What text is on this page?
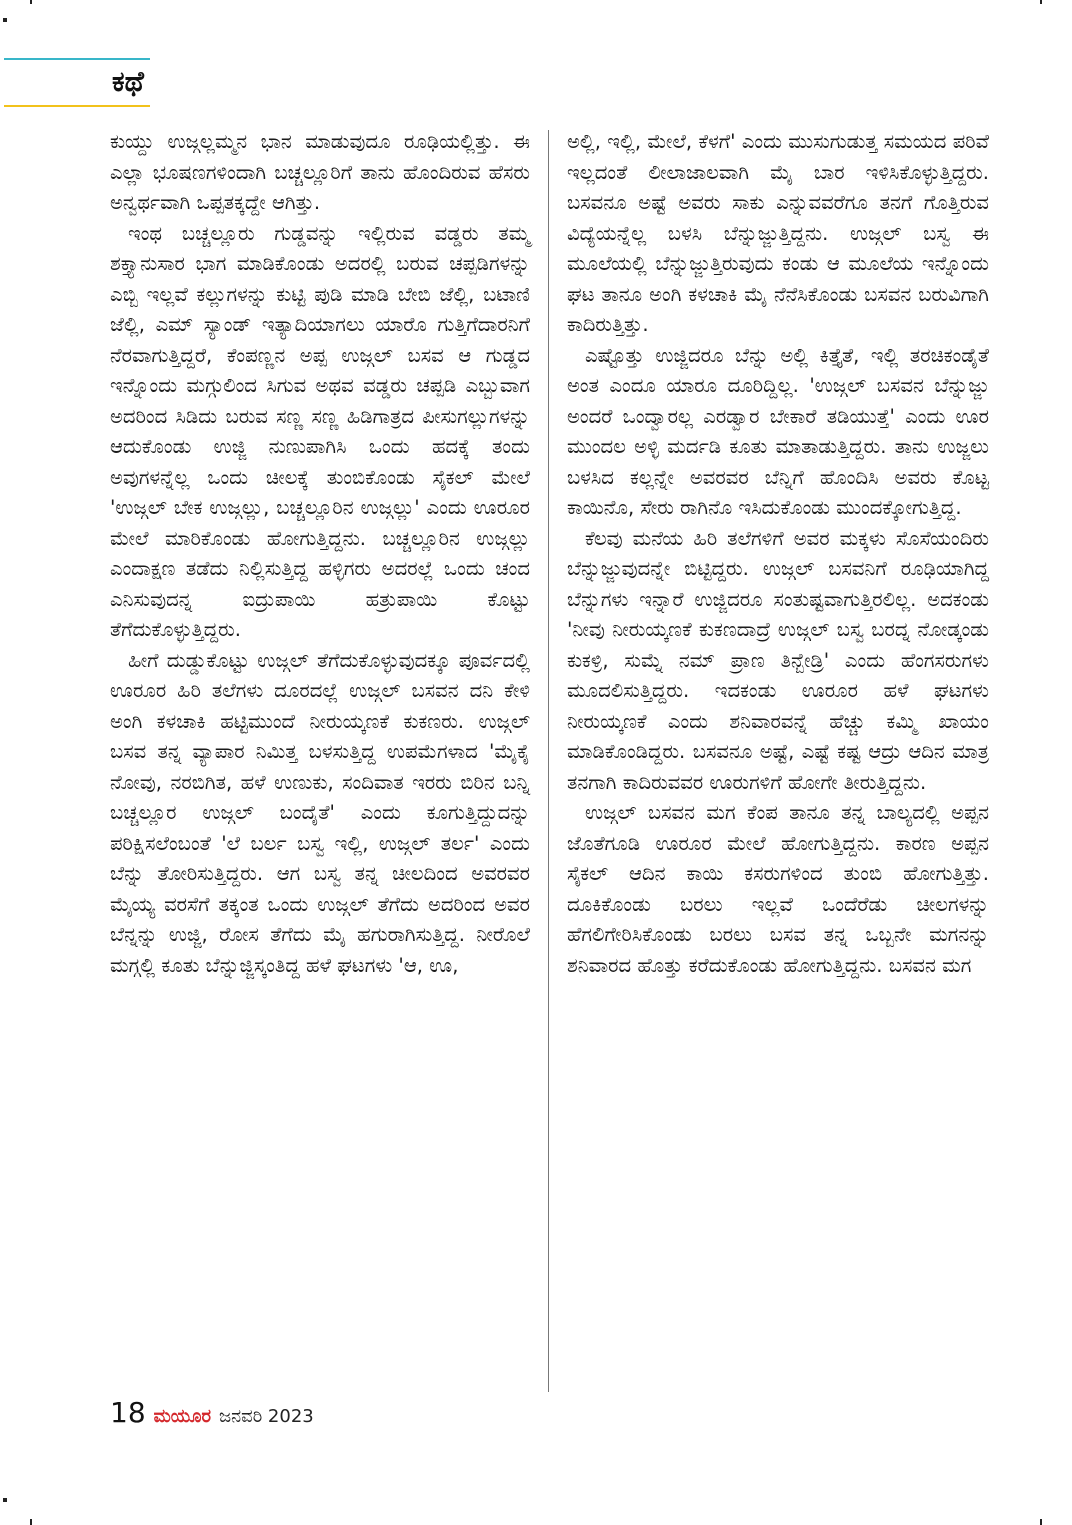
ಕಥೆ

ಕುಯ್ದು ಉಜ್ಗಲ್ಲಮ್ಮನ ಭಾನ ಮಾಡುವುದೂ ರೂಢಿಯಲ್ಲಿತ್ತು. ಈ ಎಲ್ಲಾ ಭೂಷಣಗಳಿಂದಾಗಿ ಬಚ್ಚಲ್ಲೂರಿಗೆ ತಾನು ಹೊಂದಿರುವ ಹೆಸರು ಅನ್ವರ್ಥವಾಗಿ ಒಪ್ಪತಕ್ಕದ್ದೇ ಆಗಿತ್ತು.

ಇಂಥ ಬಚ್ಚಲ್ಲೂರು ಗುಡ್ಡವನ್ನು ಇಲ್ಲಿರುವ ವಡ್ಡರು ತಮ್ಮ ಶಕ್ತ್ಯಾನುಸಾರ ಭಾಗ ಮಾಡಿಕೊಂಡು ಅದರಲ್ಲಿ ಬರುವ ಚಪ್ಪಡಿಗಳನ್ನು ಎಬ್ಬಿ ಇಲ್ಲವೆ ಕಲ್ಲುಗಳನ್ನು ಕುಟ್ಟಿ ಪುಡಿ ಮಾಡಿ ಬೇಬಿ ಜೆಲ್ಲಿ, ಬಟಾಣಿ ಜೆಲ್ಲಿ, ಎಮ್ ಸ್ಯಾಂಡ್ ಇತ್ಯಾದಿಯಾಗಲು ಯಾರೊ ಗುತ್ತಿಗೆದಾರನಿಗೆ ನೆರವಾಗುತ್ತಿದ್ದರೆ, ಕೆಂಪಣ್ಣನ ಅಪ್ಪ ಉಜ್ಗಲ್ ಬಸವ ಆ ಗುಡ್ಡದ ಇನ್ನೊಂದು ಮಗ್ಗುಲಿಂದ ಸಿಗುವ ಅಥವ ವಡ್ಡರು ಚಪ್ಪಡಿ ಎಬ್ಬುವಾಗ ಅದರಿಂದ ಸಿಡಿದು ಬರುವ ಸಣ್ಣ ಸಣ್ಣ ಹಿಡಿಗಾತ್ರದ ಪೀಸುಗಲ್ಲುಗಳನ್ನು ಆದುಕೊಂಡು ಉಜ್ಜಿ ನುಣುಪಾಗಿಸಿ ಒಂದು ಹದಕ್ಕೆ ತಂದು ಅವುಗಳನ್ನೆಲ್ಲ ಒಂದು ಚೀಲಕ್ಕೆ ತುಂಬಿಕೊಂಡು ಸೈಕಲ್ ಮೇಲೆ 'ಉಜ್ಗಲ್ ಬೇಕ ಉಜ್ಗಲ್ಲು, ಬಚ್ಚಲ್ಲೂರಿನ ಉಜ್ಗಲ್ಲು' ಎಂದು ಊರೂರ ಮೇಲೆ ಮಾರಿಕೊಂಡು ಹೋಗುತ್ತಿದ್ದನು. ಬಚ್ಚಲ್ಲೂರಿನ ಉಜ್ಗಲ್ಲು ಎಂದಾಕ್ಷಣ ತಡೆದು ನಿಲ್ಲಿಸುತ್ತಿದ್ದ ಹಳ್ಳಿಗರು ಅದರಲ್ಲೆ ಒಂದು ಚಂದ ಎನಿಸುವುದನ್ನ ಐದ್ರುಪಾಯಿ ಹತ್ರುಪಾಯಿ ಕೊಟ್ಟು ತೆಗೆದುಕೊಳ್ಳುತ್ತಿದ್ದರು.

ಹೀಗೆ ದುಡ್ಡುಕೊಟ್ಟು ಉಜ್ಗಲ್ ತೆಗೆದುಕೊಳ್ಳುವುದಕ್ಕೂ ಪೂರ್ವದಲ್ಲಿ ಊರೂರ ಹಿರಿ ತಲೆಗಳು ದೂರದಲ್ಲೆ ಉಜ್ಗಲ್ ಬಸವನ ದನಿ ಕೇಳಿ ಅಂಗಿ ಕಳಚಾಕಿ ಹಟ್ಟಿಮುಂದೆ ನೀರುಯ್ಕಣಕೆ ಕುಕಣರು. ಉಜ್ಗಲ್ ಬಸವ ತನ್ನ ವ್ಯಾಪಾರ ನಿಮಿತ್ತ ಬಳಸುತ್ತಿದ್ದ ಉಪಮೆಗಳಾದ 'ಮೈಕೈ ನೋವು, ನರಬಿಗಿತ, ಹಳೆ ಉಣುಕು, ಸಂದಿವಾತ ಇರರು ಬಿರಿನ ಬನ್ನಿ ಬಚ್ಚಲ್ಲೂರ ಉಜ್ಗಲ್ ಬಂದೈತೆ' ಎಂದು ಕೂಗುತ್ತಿದ್ದುದನ್ನು ಪರಿಕ್ಷಿಸಲೆಂಬಂತೆ 'ಲೆ ಬರ್ಲ ಬಸ್ವ ಇಲ್ಲಿ, ಉಜ್ಗಲ್ ತರ್ಲ' ಎಂದು ಬೆನ್ನು ತೋರಿಸುತ್ತಿದ್ದರು. ಆಗ ಬಸ್ವ ತನ್ನ ಚೀಲದಿಂದ ಅವರವರ ಮೈಯ್ಯ ವರಸೆಗೆ ತಕ್ಕಂತ ಒಂದು ಉಜ್ಗಲ್ ತೆಗೆದು ಅದರಿಂದ ಅವರ ಬೆನ್ನನ್ನು ಉಜ್ಜಿ, ರೋಸ ತೆಗೆದು ಮೈ ಹಗುರಾಗಿಸುತ್ತಿದ್ದ. ನೀರೊಲೆ ಮಗ್ಗಲ್ಲಿ ಕೂತು ಬೆನ್ನುಜ್ಜಿಸ್ಕಂತಿದ್ದ ಹಳೆ ಘಟಗಳು 'ಆ, ಊ,

ಅಲ್ಲಿ, ಇಲ್ಲಿ, ಮೇಲೆ, ಕೆಳಗೆ' ಎಂದು ಮುಸುಗುಡುತ್ತ ಸಮಯದ ಪರಿವೆ ಇಲ್ಲದಂತೆ ಲೀಲಾಜಾಲವಾಗಿ ಮೈ ಬಾರ ಇಳಿಸಿಕೊಳ್ಳುತ್ತಿದ್ದರು. ಬಸವನೂ ಅಷ್ಟೆ ಅವರು ಸಾಕು ಎನ್ನುವವರೆಗೂ ತನಗೆ ಗೊತ್ತಿರುವ ವಿದ್ಯೆಯನ್ನೆಲ್ಲ ಬಳಸಿ ಬೆನ್ನುಜ್ಜುತ್ತಿದ್ದನು. ಉಜ್ಗಲ್ ಬಸ್ವ ಈ ಮೂಲೆಯಲ್ಲಿ ಬೆನ್ನುಜ್ಜುತ್ತಿರುವುದು ಕಂಡು ಆ ಮೂಲೆಯ ಇನ್ನೊಂದು ಘಟ ತಾನೂ ಅಂಗಿ ಕಳಚಾಕಿ ಮೈ ನೆನೆಸಿಕೊಂಡು ಬಸವನ ಬರುವಿಗಾಗಿ ಕಾದಿರುತ್ತಿತ್ತು.

ಎಷ್ಟೊತ್ತು ಉಜ್ಜಿದರೂ ಬೆನ್ನು ಅಲ್ಲಿ ಕಿತ್ತೈತೆ, ಇಲ್ಲಿ ತರಚಿಕಂಡೈತೆ ಅಂತ ಎಂದೂ ಯಾರೂ ದೂರಿದ್ದಿಲ್ಲ. 'ಉಜ್ಗಲ್ ಬಸವನ ಬೆನ್ನುಜ್ಜು ಅಂದರೆ ಒಂದ್ವಾರಲ್ಲ ಎರಡ್ವಾರ ಬೇಕಾರೆ ತಡಿಯುತ್ತೆ' ಎಂದು ಊರ ಮುಂದಲ ಅಳ್ಳಿ ಮರ್ದಡಿ ಕೂತು ಮಾತಾಡುತ್ತಿದ್ದರು. ತಾನು ಉಜ್ಜಲು ಬಳಸಿದ ಕಲ್ಲನ್ನೇ ಅವರವರ ಬೆನ್ನಿಗೆ ಹೊಂದಿಸಿ ಅವರು ಕೊಟ್ಟ ಕಾಯಿನೊ, ಸೇರು ರಾಗಿನೊ ಇಸಿದುಕೊಂಡು ಮುಂದಕ್ಕೋಗುತ್ತಿದ್ದ.

ಕೆಲವು ಮನೆಯ ಹಿರಿ ತಲೆಗಳಿಗೆ ಅವರ ಮಕ್ಕಳು ಸೊಸೆಯಂದಿರು ಬೆನ್ನುಜ್ಜುವುದನ್ನೇ ಬಿಟ್ಟಿದ್ದರು. ಉಜ್ಗಲ್ ಬಸವನಿಗೆ ರೂಢಿಯಾಗಿದ್ದ ಬೆನ್ನುಗಳು ಇನ್ನಾರೆ ಉಜ್ಜಿದರೂ ಸಂತುಷ್ಟವಾಗುತ್ತಿರಲಿಲ್ಲ. ಅದಕಂಡು 'ನೀವು ನೀರುಯ್ಕಣಕೆ ಕುಕಣದಾದ್ರೆ ಉಜ್ಗಲ್ ಬಸ್ವ ಬರದ್ನ ನೋಡ್ಕಂಡು ಕುಕಳ್ರಿ, ಸುಮ್ನೆ ನಮ್ ಪ್ರಾಣ ತಿನ್ಬೇಡ್ರಿ' ಎಂದು ಹೆಂಗಸರುಗಳು ಮೂದಲಿಸುತ್ತಿದ್ದರು. ಇದಕಂಡು ಊರೂರ ಹಳೆ ಘಟಗಳು ನೀರುಯ್ಕಣಕೆ ಎಂದು ಶನಿವಾರವನ್ನೆ ಹೆಚ್ಚು ಕಮ್ಮಿ ಖಾಯಂ ಮಾಡಿಕೊಂಡಿದ್ದರು. ಬಸವನೂ ಅಷ್ಟೆ, ಎಷ್ಟೆ ಕಷ್ಟ ಆದ್ರು ಆದಿನ ಮಾತ್ರ ತನಗಾಗಿ ಕಾದಿರುವವರ ಊರುಗಳಿಗೆ ಹೋಗೇ ತೀರುತ್ತಿದ್ದನು.

ಉಜ್ಗಲ್ ಬಸವನ ಮಗ ಕೆಂಪ ತಾನೂ ತನ್ನ ಬಾಲ್ಯದಲ್ಲಿ ಅಪ್ಪನ ಜೊತೆಗೂಡಿ ಊರೂರ ಮೇಲೆ ಹೋಗುತ್ತಿದ್ದನು. ಕಾರಣ ಅಪ್ಪನ ಸೈಕಲ್ ಆದಿನ ಕಾಯಿ ಕಸರುಗಳಿಂದ ತುಂಬಿ ಹೋಗುತ್ತಿತ್ತು. ದೂಕಿಕೊಂಡು ಬರಲು ಇಲ್ಲವೆ ಒಂದೆರೆಡು ಚೀಲಗಳನ್ನು ಹೆಗಲಿಗೇರಿಸಿಕೊಂಡು ಬರಲು ಬಸವ ತನ್ನ ಒಬ್ಬನೇ ಮಗನನ್ನು ಶನಿವಾರದ ಹೊತ್ತು ಕರೆದುಕೊಂಡು ಹೋಗುತ್ತಿದ್ದನು. ಬಸವನ ಮಗ

18 ಮಯೂರ ಜನವರಿ 2023
